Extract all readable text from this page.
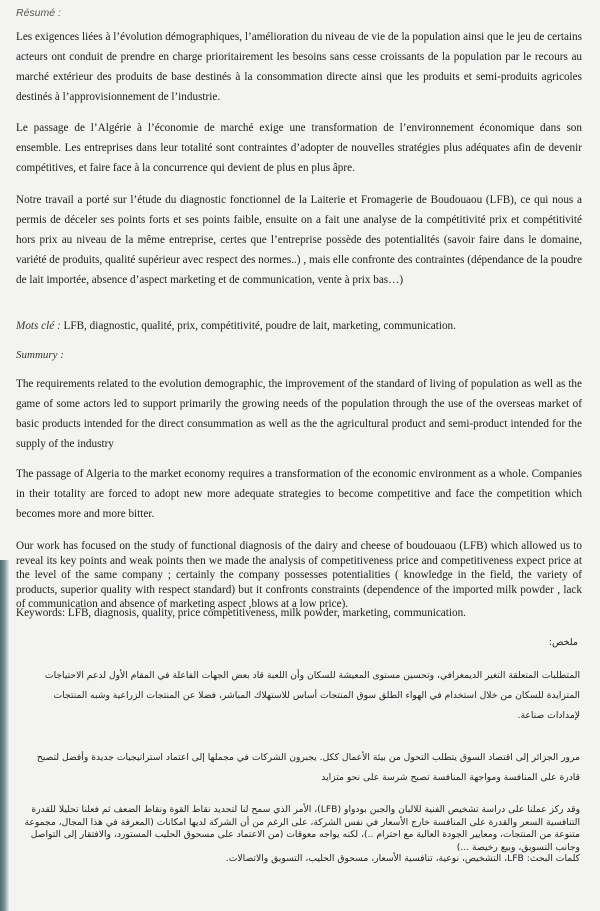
Résumé :

Les exigences liées à l’évolution démographiques, l’amélioration du niveau de vie de la population ainsi que le jeu de certains acteurs ont conduit de prendre en charge prioritairement les besoins sans cesse croissants de la population par le recours au marché extérieur des produits de base destinés à la consommation directe ainsi que les produits et semi-produits agricoles destinés à l’approvisionnement de l’industrie.

Le passage de l’Algérie à l’économie de marché exige une transformation de l’environnement économique dans son ensemble. Les entreprises dans leur totalité sont contraintes d’adopter de nouvelles stratégies plus adéquates afin de devenir compétitives, et faire face à la concurrence qui devient de plus en plus âpre.

Notre travail a porté sur l’étude du diagnostic fonctionnel de la Laiterie et Fromagerie de Boudouaou (LFB), ce qui nous a permis de déceler ses points forts et ses points faible, ensuite on a fait une analyse de la compétitivité prix et compétitivité hors prix au niveau de la même entreprise, certes que l’entreprise possède des potentialités (savoir faire dans le domaine, variété de produits, qualité supérieur avec respect des normes..) , mais elle confronte des contraintes (dépendance de la poudre de lait importée, absence d’aspect marketing et de communication, vente à prix bas…)

Mots clé : LFB, diagnostic, qualité, prix, compétitivité, poudre de lait, marketing, communication.

Summury :

The requirements related to the evolution demographic, the improvement of the standard of living of population as well as the game of some actors led to support primarily the growing needs of the population through the use of the overseas market of basic products intended for the direct consummation as well as the the agricultural product and semi-product intended for the supply of the industry

The passage of Algeria to the market economy requires a transformation of the economic environment as a whole. Companies in their totality are forced to adopt new more adequate strategies to become competitive and face the competition which becomes more and more bitter.

Our work has focused on the study of functional diagnosis of the dairy and cheese of boudouaou (LFB) which allowed us to reveal its key points and weak points then we made the analysis of competitiveness price and competitiveness expect price at the level of the same company ; certainly the company possesses potentialities ( knowledge in the field, the variety of products, superior quality with respect standard) but it confronts constraints (dependence of the imported milk powder , lack of communication and absence of marketing aspect ,blows at a low price).

Keywords: LFB, diagnosis, quality, price competitiveness, milk powder, marketing, communication.

ملخص:

المتطلبات المتعلقة التغير الديمغرافي، وتحسين مستوى المعيشة للسكان وأن اللعبة قاد بعض الجهات الفاعلة في المقام الأول لدعم الاحتياجات المتزايدة للسكان من خلال استخدام في الهواء الطلق سوق المنتجات أساس للاستهلاك المباشر، فضلا عن المنتجات الزراعية وشبه المنتجات لإمدادات صناعة.

مرور الجزائر إلى اقتصاد السوق يتطلب التحول من بيئة الأعمال ككل. يجبرون الشركات في مجملها إلى اعتماد استراتيجيات جديدة وأفضل لتصبح قادرة على المنافسة ومواجهة المنافسة تصبح شرسة على نحو متزايد

وقد ركز عملنا على دراسة تشخيص الفنية للالبان والجبن بودواو (LFB)، الأمر الذي سمح لنا لتحديد نقاط القوة ونقاط الضعف ثم فعلنا تحليلا للقدرة التنافسية السعر والقدرة على المنافسة خارج الأسعار في نفس الشركة، على الرغم من أن الشركة لديها امكانات (المعرفة في هذا المجال، مجموعة متنوعة من المنتجات، ومعايير الجودة العالية مع احترام ..)، لكنه يواجه معوقات (من الاعتماد على مسحوق الحليب المستورد، والافتقار إلى التواصل وجانب التسويق، وبيع رخيصة ...)

كلمات البحث: LFB، التشخيص، نوعية، تنافسية الأسعار، مسحوق الحليب، التسويق والاتصالات.
